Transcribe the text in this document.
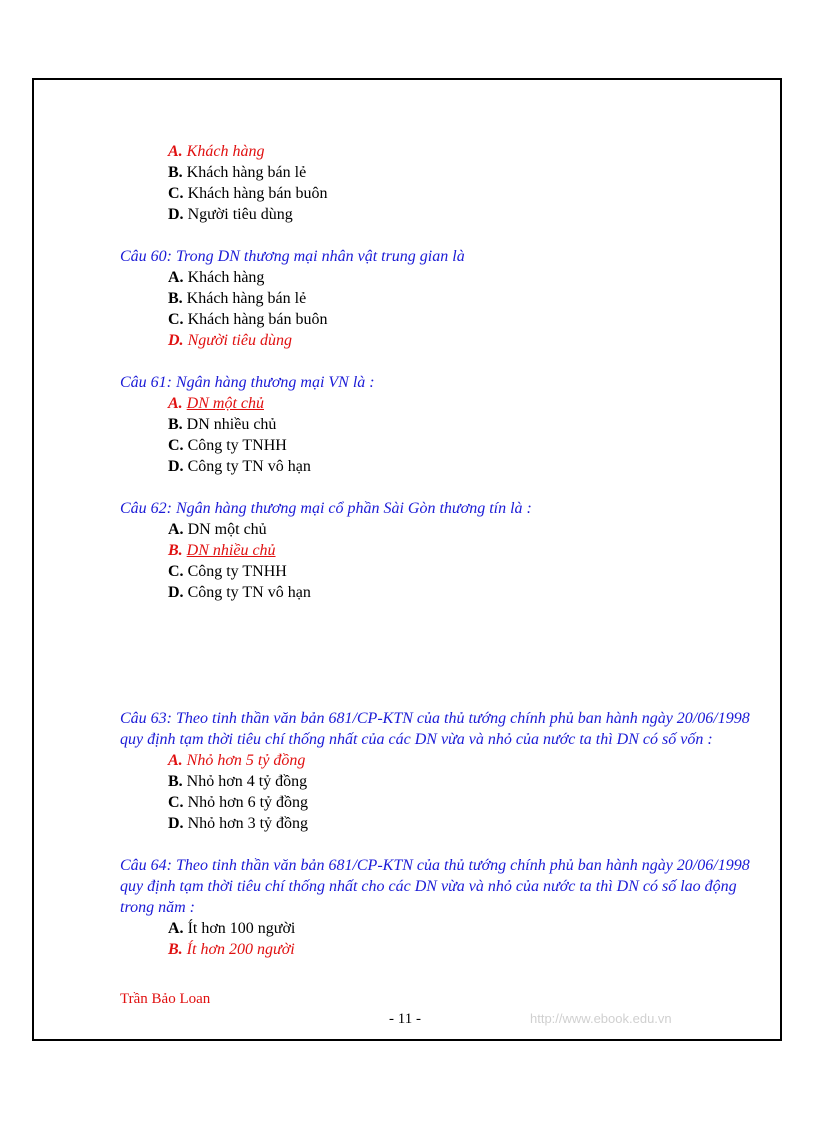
A. Khách hàng
B. Khách hàng bán lẻ
C. Khách hàng bán buôn
D. Người tiêu dùng
Câu 60: Trong DN thương mại nhân vật trung gian là
A. Khách hàng
B. Khách hàng bán lẻ
C. Khách hàng bán buôn
D. Người tiêu dùng
Câu 61: Ngân hàng thương mại VN là :
A. DN một chủ
B. DN nhiều chủ
C. Công ty TNHH
D. Công ty TN vô hạn
Câu 62: Ngân hàng thương mại cổ phần Sài Gòn thương tín là :
A. DN một chủ
B. DN nhiều chủ
C. Công ty TNHH
D. Công ty TN vô hạn
Câu 63: Theo tinh thần văn bản 681/CP-KTN của thủ tướng chính phủ ban hành ngày 20/06/1998 quy định tạm thời tiêu chí thống nhất của các DN vừa và nhỏ của nước ta thì DN có số vốn :
A. Nhỏ hơn 5 tỷ đồng
B. Nhỏ hơn 4 tỷ đồng
C. Nhỏ hơn 6 tỷ đồng
D. Nhỏ hơn 3 tỷ đồng
Câu 64: Theo tinh thần văn bản 681/CP-KTN của thủ tướng chính phủ ban hành ngày 20/06/1998 quy định tạm thời tiêu chí thống nhất cho các DN vừa và nhỏ của nước ta thì DN có số lao động trong năm :
A. Ít hơn 100 người
B. Ít hơn 200 người
Trần Bảo Loan
- 11 -	http://www.ebook.edu.vn
